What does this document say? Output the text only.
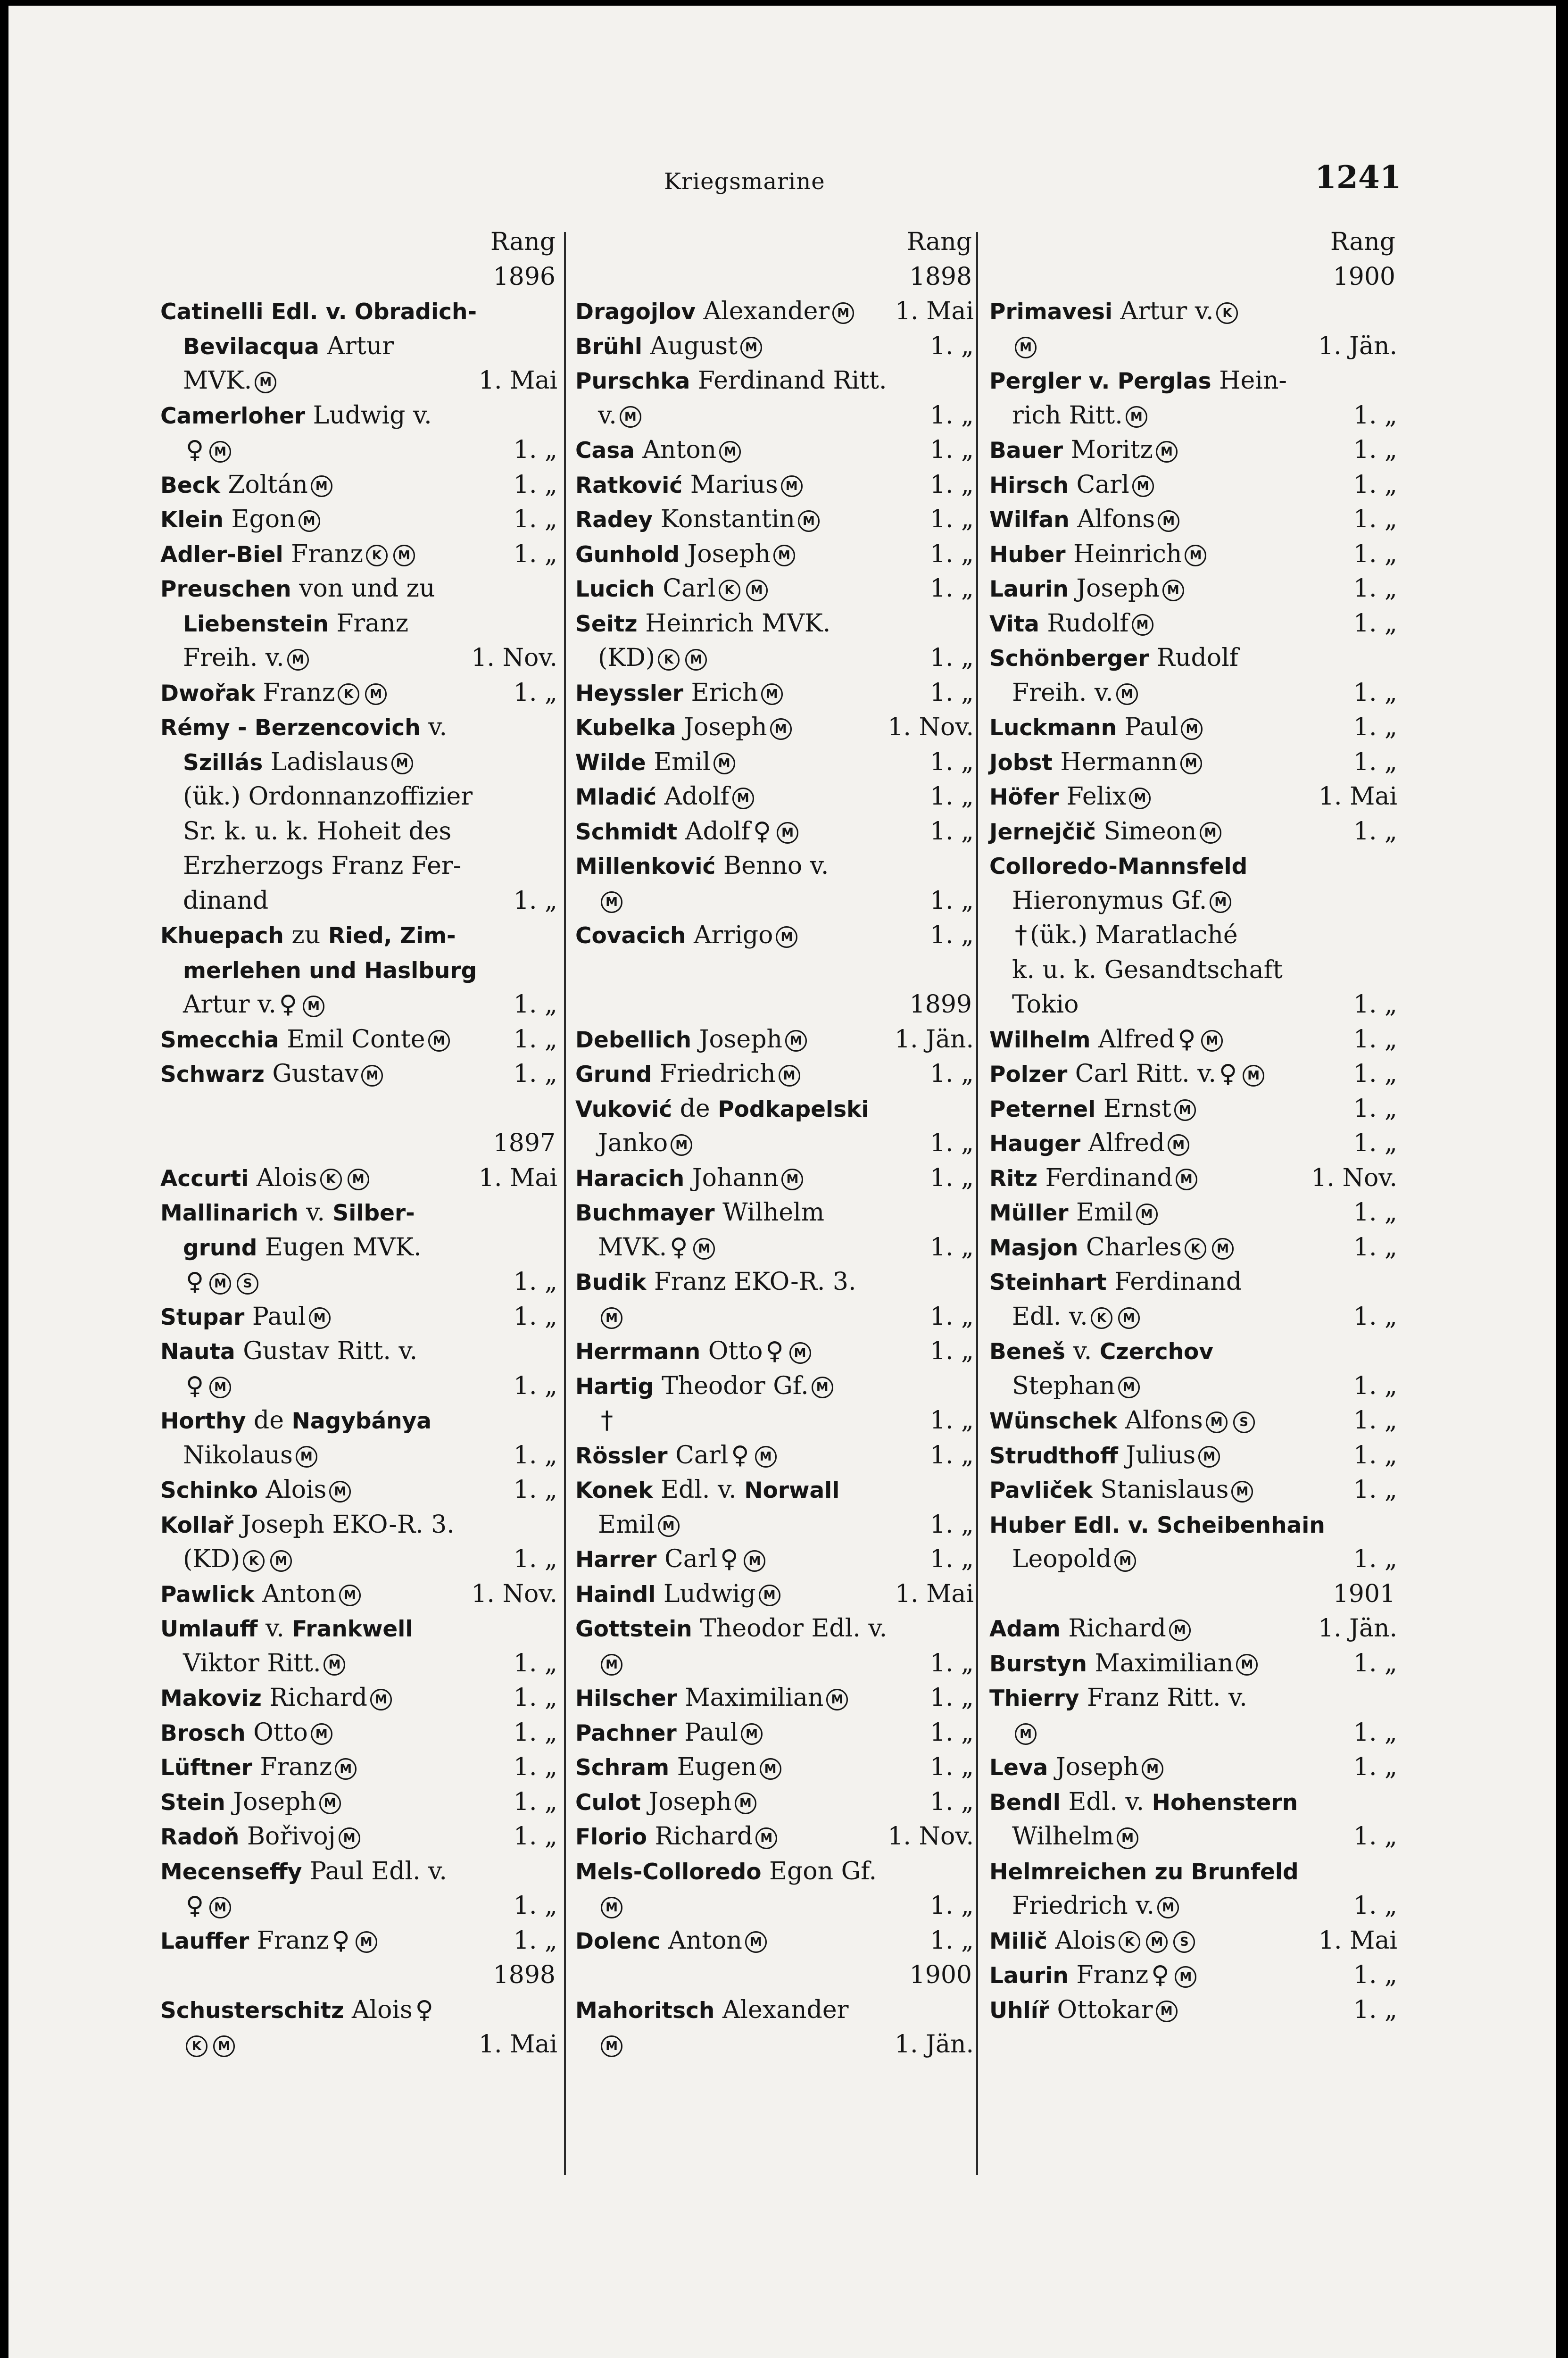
Kriegsmarine	1241
Rang
1896
Catinelli Edl. v. Obradich-
Bevilacqua Artur
MVK. M	1. Mai
Camerloher Ludwig v.
♀ M	1. „
Beck Zoltán M	1. „
Klein Egon M	1. „
Adler-Biel Franz K M	1. „
Preuschen von und zu
Liebenstein Franz
Freih. v. M	1. Nov.
Dwořak Franz K M	1. „
Rémy - Berzencovich v.
Szillás Ladislaus M
(ük.) Ordonnanzoffizier
Sr. k. u. k. Hoheit des
Erzherzogs Franz Fer-
dinand	1. „
Khuepach zu Ried, Zim-
merlehen und Haslburg
Artur v. ♀ M	1. „
Smecchia Emil Conte M	1. „
Schwarz Gustav M	1. „
1897
Accurti Alois K M	1. Mai
Mallinarich v. Silber-
grund Eugen MVK.
♀ M S	1. „
Stupar Paul M	1. „
Nauta Gustav Ritt. v.
♀ M	1. „
Horthy de Nagybánya
Nikolaus M	1. „
Schinko Alois M	1. „
Kollař Joseph EKO-R. 3.
(KD) K M	1. „
Pawlick Anton M	1. Nov.
Umlauff v. Frankwell
Viktor Ritt. M	1. „
Makoviz Richard M	1. „
Brosch Otto M	1. „
Lüftner Franz M	1. „
Stein Joseph M	1. „
Radoň Bořivoj M	1. „
Mecenseffy Paul Edl. v.
♀ M	1. „
Lauffer Franz ♀ M	1. „
1898
Schusterschitz Alois ♀
K M	1. Mai
Rang
1898
Dragojlov Alexander M 1. Mai
Brühl August M	1. „
Purschka Ferdinand Ritt.
v. M	1. „
Casa Anton M	1. „
Ratković Marius M	1. „
Radey Konstantin M	1. „
Gunhold Joseph M	1. „
Lucich Carl K M	1. „
Seitz Heinrich MVK.
(KD) K M	1. „
Heyssler Erich M	1. „
Kubelka Joseph M	1. Nov.
Wilde Emil M	1. „
Mladić Adolf M	1. „
Schmidt Adolf ♀ M	1. „
Millenković Benno v.
M	1. „
Covacich Arrigo M	1. „
1899
Debellich Joseph M	1. Jän.
Grund Friedrich M	1. „
Vuković de Podkapelski
Janko M	1. „
Haracich Johann M	1. „
Buchmayer Wilhelm
MVK. ♀ M	1. „
Budik Franz EKO-R. 3.
M	1. „
Herrmann Otto ♀ M	1. „
Hartig Theodor Gf. M
†	1. „
Rössler Carl ♀ M	1. „
Konek Edl. v. Norwall
Emil M	1. „
Harrer Carl ♀ M	1. „
Haindl Ludwig M	1. Mai
Gottstein Theodor Edl. v.
M	1. „
Hilscher Maximilian M	1. „
Pachner Paul M	1. „
Schram Eugen M	1. „
Culot Joseph M	1. „
Florio Richard M	1. Nov.
Mels-Colloredo Egon Gf.
M	1. „
Dolenc Anton M	1. „
1900
Mahoritsch Alexander
M	1. Jän.
Rang
1900
Primavesi Artur v. K
M	1. Jän.
Pergler v. Perglas Hein-
rich Ritt. M	1. „
Bauer Moritz M	1. „
Hirsch Carl M	1. „
Wilfan Alfons M	1. „
Huber Heinrich M	1. „
Laurin Joseph M	1. „
Vita Rudolf M	1. „
Schönberger Rudolf
Freih. v. M	1. „
Luckmann Paul M	1. „
Jobst Hermann M	1. „
Höfer Felix M	1. Mai
Jernejčič Simeon M	1. „
Colloredo-Mannsfeld
Hieronymus Gf. M
† (ük.) Maratlaché
k. u. k. Gesandtschaft
Tokio	1. „
Wilhelm Alfred ♀ M	1. „
Polzer Carl Ritt. v. ♀ M	1. „
Peternel Ernst M	1. „
Hauger Alfred M	1. „
Ritz Ferdinand M	1. Nov.
Müller Emil M	1. „
Masjon Charles K M	1. „
Steinhart Ferdinand
Edl. v. K M	1. „
Beneš v. Czerchov
Stephan M	1. „
Wünschek Alfons M S	1. „
Strudthoff Julius M	1. „
Pavliček Stanislaus M	1. „
Huber Edl. v. Scheibenhain
Leopold M	1. „
1901
Adam Richard M	1. Jän.
Burstyn Maximilian M	1. „
Thierry Franz Ritt. v.
M	1. „
Leva Joseph M	1. „
Bendl Edl. v. Hohenstern
Wilhelm M	1. „
Helmreichen zu Brunfeld
Friedrich v. M	1. „
Milič Alois K M S	1. Mai
Laurin Franz ♀ M	1. „
Uhlíř Ottokar M	1. „
